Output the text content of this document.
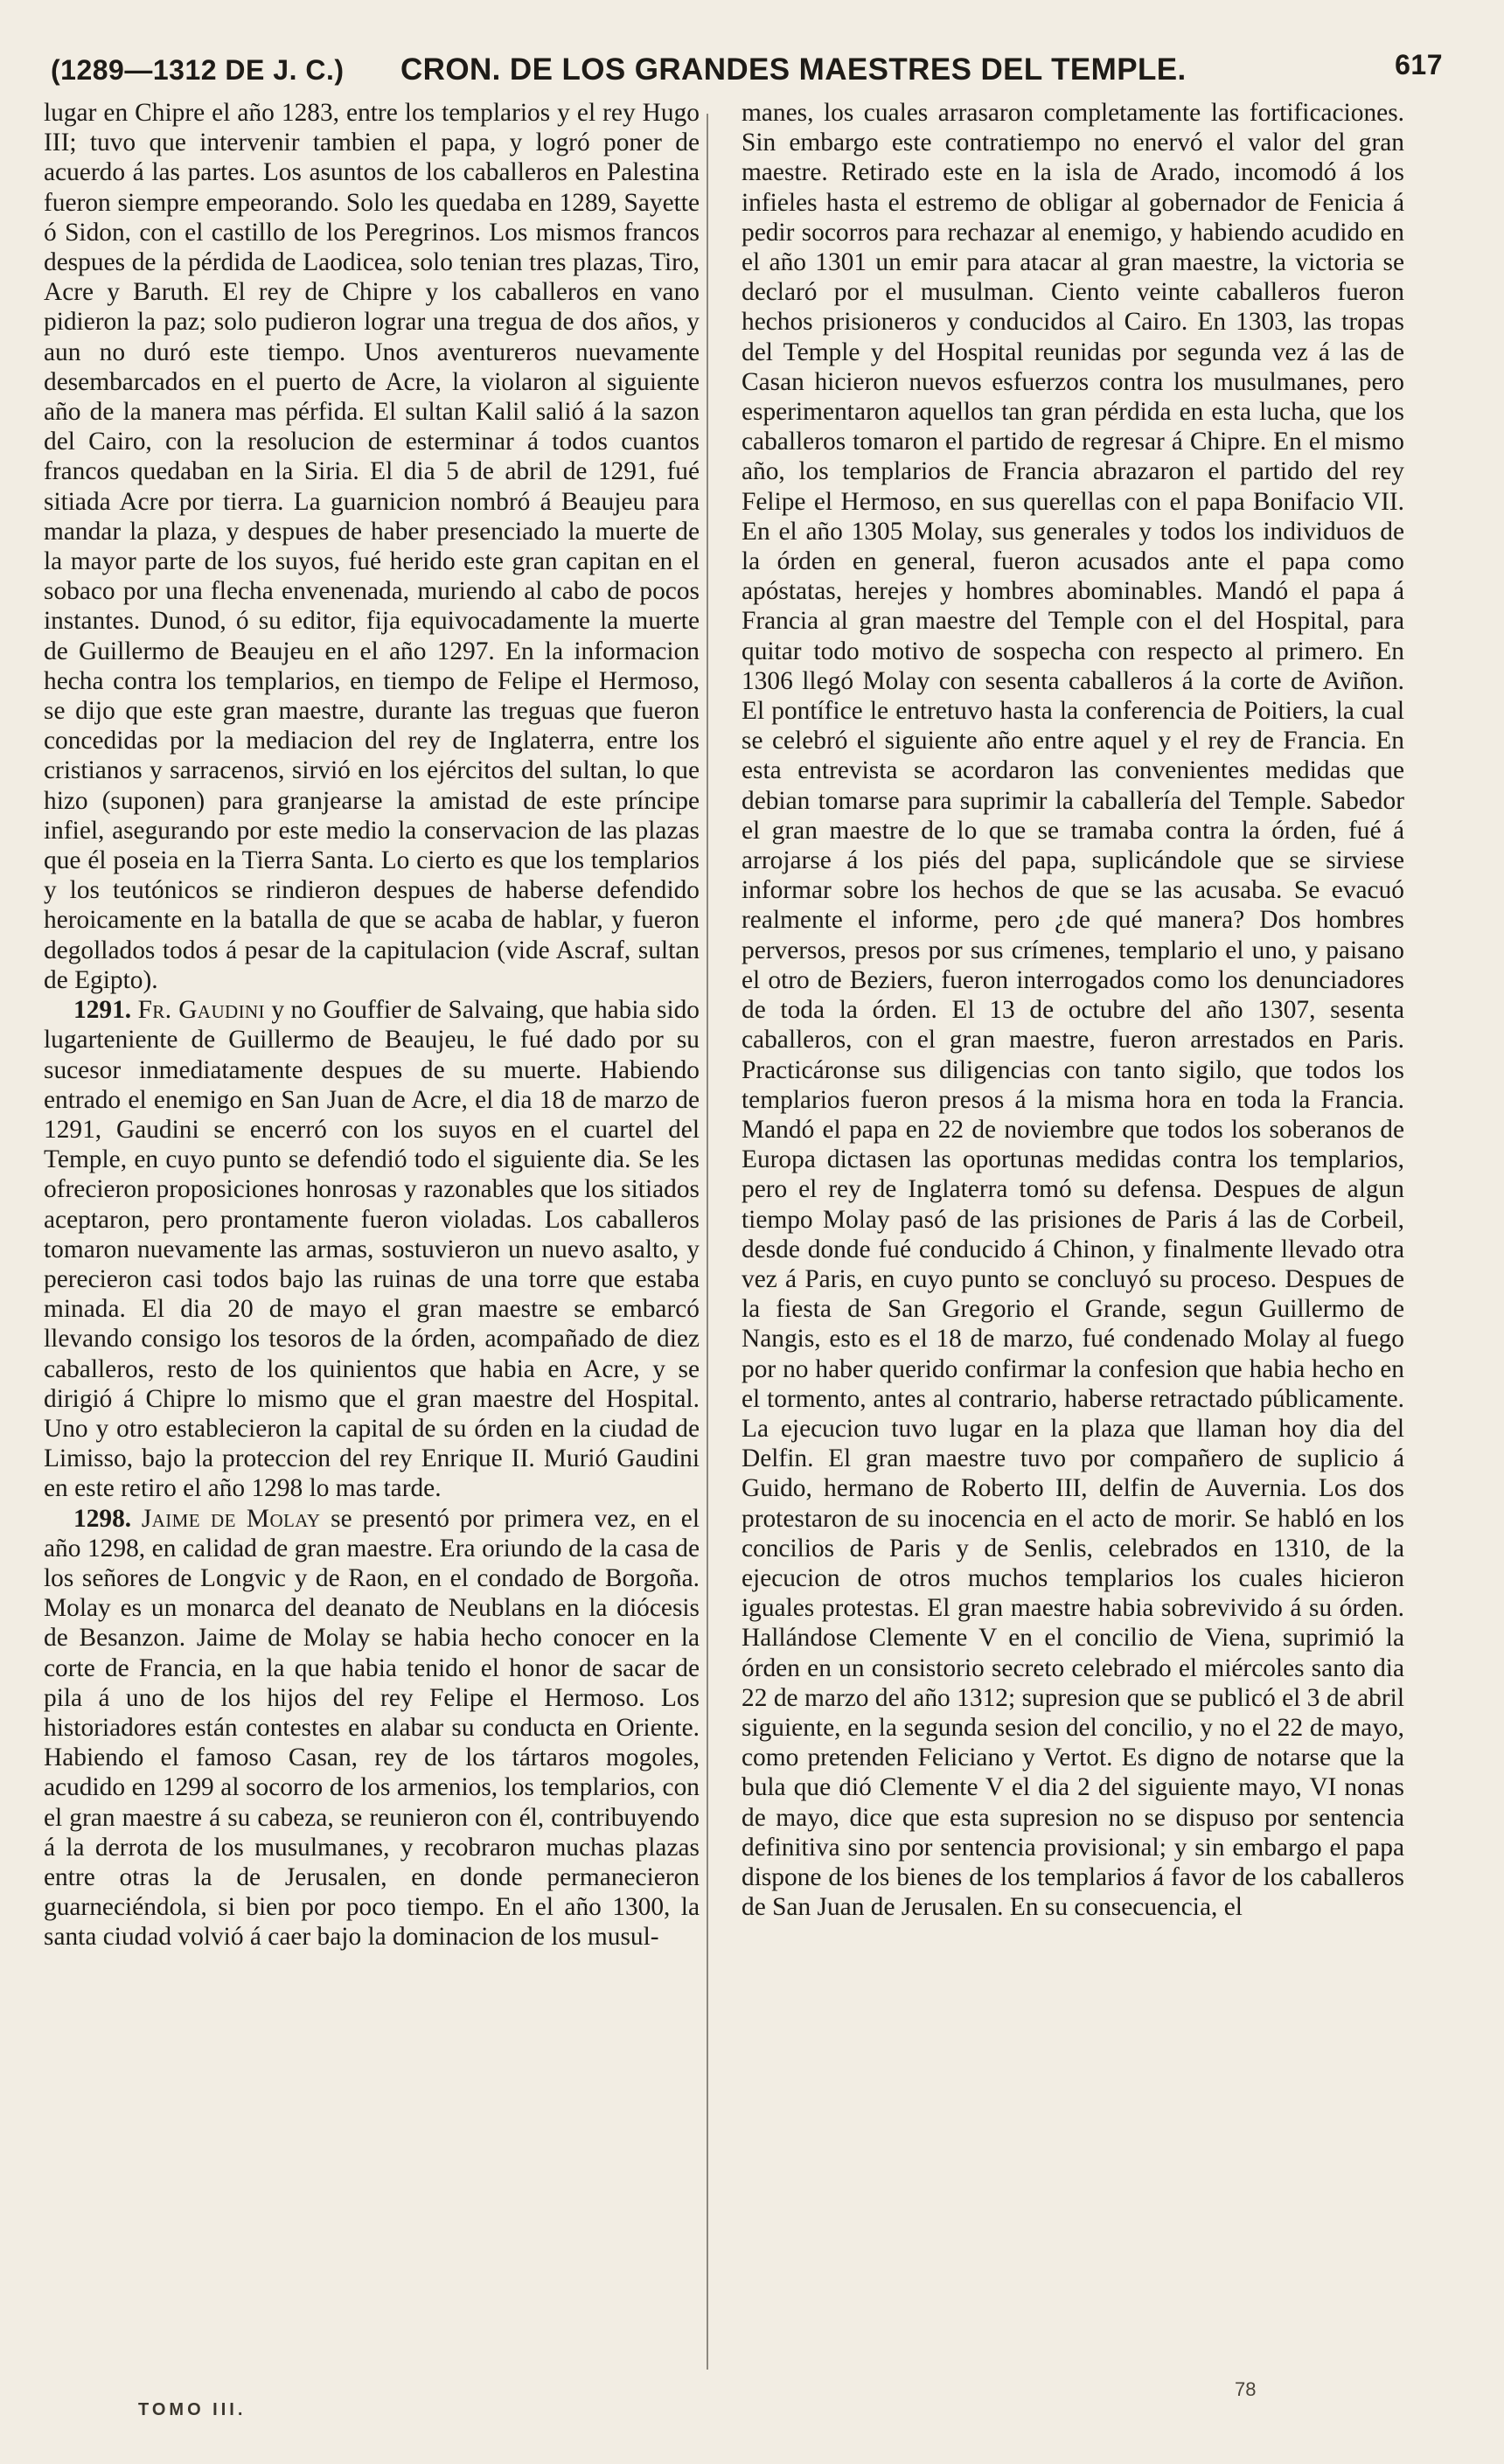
(1289—1312 DE J. C.) CRON. DE LOS GRANDES MAESTRES DEL TEMPLE.	617

lugar en Chipre el año 1283, entre los templarios y el rey Hugo III; tuvo que intervenir tambien el papa, y logró poner de acuerdo á las partes. Los asuntos de los caballeros en Palestina fueron siempre empeorando. Solo les quedaba en 1289, Sayette ó Sidon, con el castillo de los Peregrinos. Los mismos francos despues de la pérdida de Laodicea, solo tenian tres plazas, Tiro, Acre y Baruth. El rey de Chipre y los caballeros en vano pidieron la paz; solo pudieron lograr una tregua de dos años, y aun no duró este tiempo. Unos aventureros nuevamente desembarcados en el puerto de Acre, la violaron al siguiente año de la manera mas pérfida. El sultan Kalil salió á la sazon del Cairo, con la resolucion de esterminar á todos cuantos francos quedaban en la Siria. El dia 5 de abril de 1291, fué sitiada Acre por tierra. La guarnicion nombró á Beaujeu para mandar la plaza, y despues de haber presenciado la muerte de la mayor parte de los suyos, fué herido este gran capitan en el sobaco por una flecha envenenada, muriendo al cabo de pocos instantes. Dunod, ó su editor, fija equivocadamente la muerte de Guillermo de Beaujeu en el año 1297. En la informacion hecha contra los templarios, en tiempo de Felipe el Hermoso, se dijo que este gran maestre, durante las treguas que fueron concedidas por la mediacion del rey de Inglaterra, entre los cristianos y sarracenos, sirvió en los ejércitos del sultan, lo que hizo (suponen) para granjearse la amistad de este príncipe infiel, asegurando por este medio la conservacion de las plazas que él poseia en la Tierra Santa. Lo cierto es que los templarios y los teutónicos se rindieron despues de haberse defendido heroicamente en la batalla de que se acaba de hablar, y fueron degollados todos á pesar de la capitulacion (vide Ascraf, sultan de Egipto).

1291. Fr. Gaudini y no Gouffier de Salvaing, que habia sido lugarteniente de Guillermo de Beaujeu, le fué dado por su sucesor inmediatamente despues de su muerte. Habiendo entrado el enemigo en San Juan de Acre, el dia 18 de marzo de 1291, Gaudini se encerró con los suyos en el cuartel del Temple, en cuyo punto se defendió todo el siguiente dia. Se les ofrecieron proposiciones honrosas y razonables que los sitiados aceptaron, pero prontamente fueron violadas. Los caballeros tomaron nuevamente las armas, sostuvieron un nuevo asalto, y perecieron casi todos bajo las ruinas de una torre que estaba minada. El dia 20 de mayo el gran maestre se embarcó llevando consigo los tesoros de la órden, acompañado de diez caballeros, resto de los quinientos que habia en Acre, y se dirigió á Chipre lo mismo que el gran maestre del Hospital. Uno y otro establecieron la capital de su órden en la ciudad de Limisso, bajo la proteccion del rey Enrique II. Murió Gaudini en este retiro el año 1298 lo mas tarde.

1298. Jaime de Molay se presentó por primera vez, en el año 1298, en calidad de gran maestre. Era oriundo de la casa de los señores de Longvic y de Raon, en el condado de Borgoña. Molay es un monarca del deanato de Neublans en la diócesis de Besanzon. Jaime de Molay se habia hecho conocer en la corte de Francia, en la que habia tenido el honor de sacar de pila á uno de los hijos del rey Felipe el Hermoso. Los historiadores están contestes en alabar su conducta en Oriente. Habiendo el famoso Casan, rey de los tártaros mogoles, acudido en 1299 al socorro de los armenios, los templarios, con el gran maestre á su cabeza, se reunieron con él, contribuyendo á la derrota de los musulmanes, y recobraron muchas plazas entre otras la de Jerusalen, en donde permanecieron guarneciéndola, si bien por poco tiempo. En el año 1300, la santa ciudad volvió á caer bajo la dominacion de los musul-

manes, los cuales arrasaron completamente las fortificaciones. Sin embargo este contratiempo no enervó el valor del gran maestre. Retirado este en la isla de Arado, incomodó á los infieles hasta el estremo de obligar al gobernador de Fenicia á pedir socorros para rechazar al enemigo, y habiendo acudido en el año 1301 un emir para atacar al gran maestre, la victoria se declaró por el musulman. Ciento veinte caballeros fueron hechos prisioneros y conducidos al Cairo. En 1303, las tropas del Temple y del Hospital reunidas por segunda vez á las de Casan hicieron nuevos esfuerzos contra los musulmanes, pero esperimentaron aquellos tan gran pérdida en esta lucha, que los caballeros tomaron el partido de regresar á Chipre. En el mismo año, los templarios de Francia abrazaron el partido del rey Felipe el Hermoso, en sus querellas con el papa Bonifacio VII. En el año 1305 Molay, sus generales y todos los individuos de la órden en general, fueron acusados ante el papa como apóstatas, herejes y hombres abominables. Mandó el papa á Francia al gran maestre del Temple con el del Hospital, para quitar todo motivo de sospecha con respecto al primero. En 1306 llegó Molay con sesenta caballeros á la corte de Aviñon. El pontífice le entretuvo hasta la conferencia de Poitiers, la cual se celebró el siguiente año entre aquel y el rey de Francia. En esta entrevista se acordaron las convenientes medidas que debian tomarse para suprimir la caballería del Temple. Sabedor el gran maestre de lo que se tramaba contra la órden, fué á arrojarse á los piés del papa, suplicándole que se sirviese informar sobre los hechos de que se las acusaba. Se evacuó realmente el informe, pero ¿de qué manera? Dos hombres perversos, presos por sus crímenes, templario el uno, y paisano el otro de Beziers, fueron interrogados como los denunciadores de toda la órden. El 13 de octubre del año 1307, sesenta caballeros, con el gran maestre, fueron arrestados en Paris. Practicáronse sus diligencias con tanto sigilo, que todos los templarios fueron presos á la misma hora en toda la Francia. Mandó el papa en 22 de noviembre que todos los soberanos de Europa dictasen las oportunas medidas contra los templarios, pero el rey de Inglaterra tomó su defensa. Despues de algun tiempo Molay pasó de las prisiones de Paris á las de Corbeil, desde donde fué conducido á Chinon, y finalmente llevado otra vez á Paris, en cuyo punto se concluyó su proceso. Despues de la fiesta de San Gregorio el Grande, segun Guillermo de Nangis, esto es el 18 de marzo, fué condenado Molay al fuego por no haber querido confirmar la confesion que habia hecho en el tormento, antes al contrario, haberse retractado públicamente. La ejecucion tuvo lugar en la plaza que llaman hoy dia del Delfin. El gran maestre tuvo por compañero de suplicio á Guido, hermano de Roberto III, delfin de Auvernia. Los dos protestaron de su inocencia en el acto de morir. Se habló en los concilios de Paris y de Senlis, celebrados en 1310, de la ejecucion de otros muchos templarios los cuales hicieron iguales protestas. El gran maestre habia sobrevivido á su órden. Hallándose Clemente V en el concilio de Viena, suprimió la órden en un consistorio secreto celebrado el miércoles santo dia 22 de marzo del año 1312; supresion que se publicó el 3 de abril siguiente, en la segunda sesion del concilio, y no el 22 de mayo, como pretenden Feliciano y Vertot. Es digno de notarse que la bula que dió Clemente V el dia 2 del siguiente mayo, VI nonas de mayo, dice que esta supresion no se dispuso por sentencia definitiva sino por sentencia provisional; y sin embargo el papa dispone de los bienes de los templarios á favor de los caballeros de San Juan de Jerusalen. En su consecuencia, el

TOMO III.
78
